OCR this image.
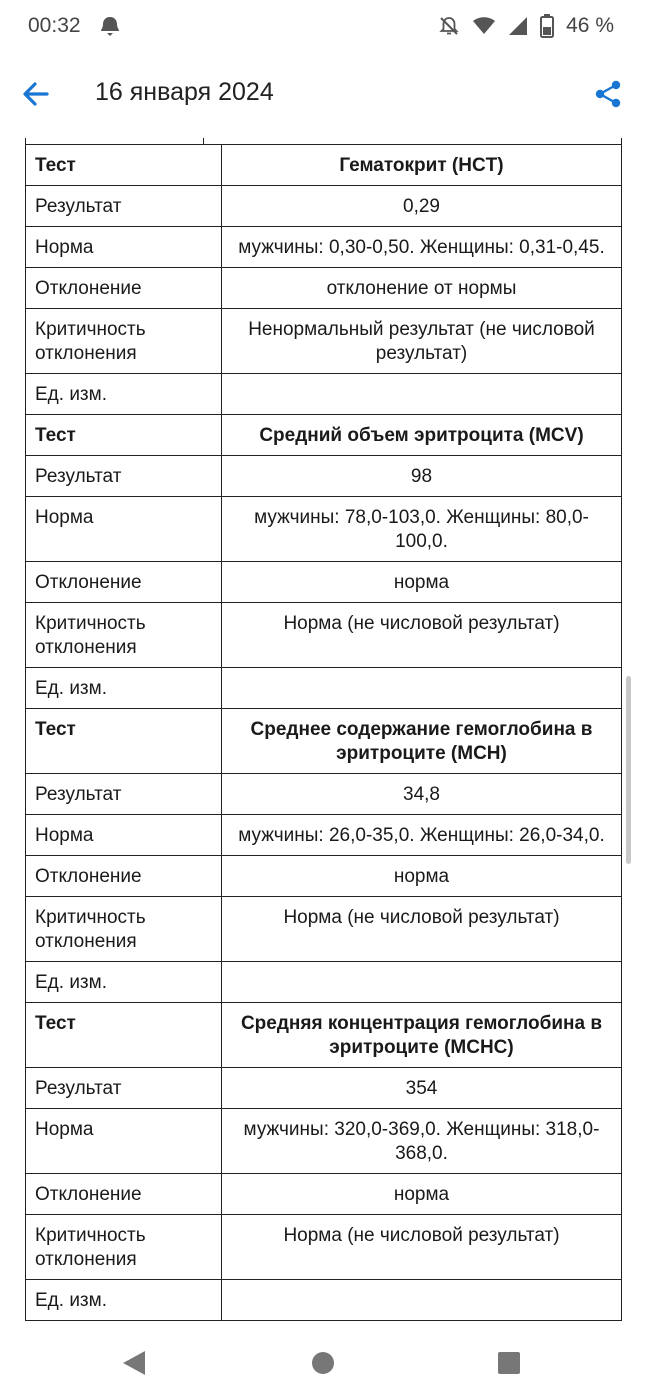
00:32	46 %
16 января 2024
Тест	Гематокрит (HCT)
Результат	0,29
Норма	мужчины: 0,30-0,50. Женщины: 0,31-0,45.
Отклонение	отклонение от нормы
Критичность отклонения	Ненормальный результат (не числовой результат)
Ед. изм.	
Тест	Средний объем эритроцита (MCV)
Результат	98
Норма	мужчины: 78,0-103,0. Женщины: 80,0-100,0.
Отклонение	норма
Критичность отклонения	Норма (не числовой результат)
Ед. изм.	
Тест	Среднее содержание гемоглобина в эритроците (MCH)
Результат	34,8
Норма	мужчины: 26,0-35,0. Женщины: 26,0-34,0.
Отклонение	норма
Критичность отклонения	Норма (не числовой результат)
Ед. изм.	
Тест	Средняя концентрация гемоглобина в эритроците (MCHC)
Результат	354
Норма	мужчины: 320,0-369,0. Женщины: 318,0-368,0.
Отклонение	норма
Критичность отклонения	Норма (не числовой результат)
Ед. изм.	
